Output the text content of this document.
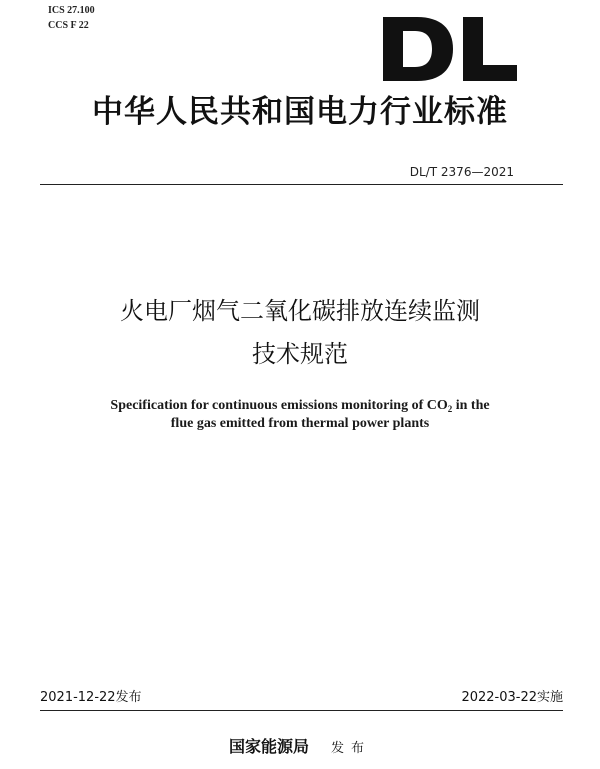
ICS 27.100
CCS F 22
中华人民共和国电力行业标准
DL/T 2376—2021
火电厂烟气二氧化碳排放连续监测
技术规范
Specification for continuous emissions monitoring of $CO_2$ in the
flue gas emitted from thermal power plants
2021-12-22发布	2022-03-22实施
国家能源局 发布
